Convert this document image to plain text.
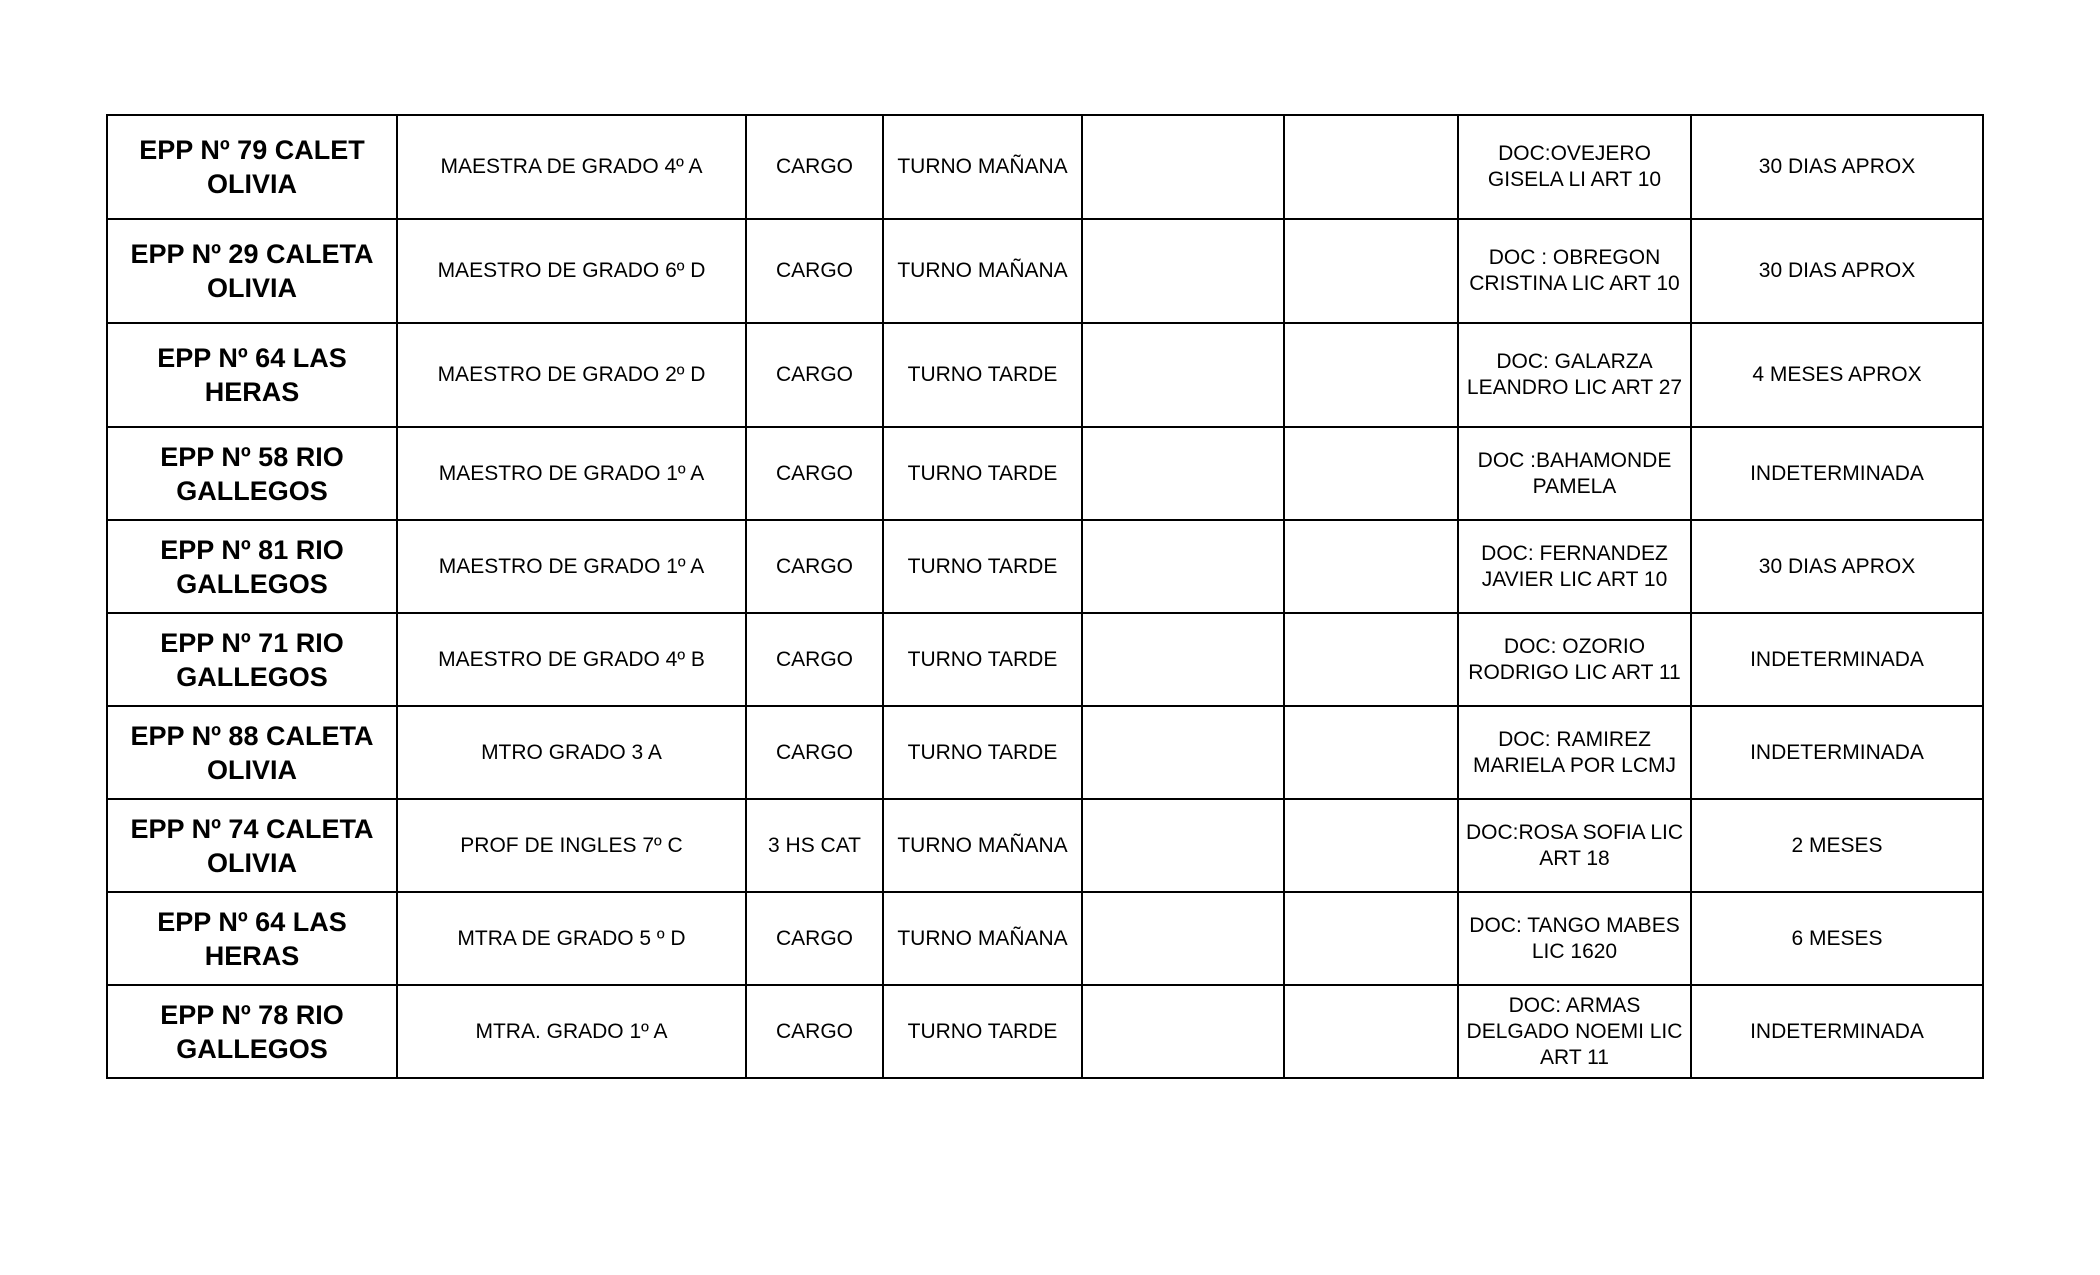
EPP Nº 79 CALET OLIVIA	MAESTRA DE GRADO 4º A	CARGO	TURNO MAÑANA			DOC:OVEJERO GISELA LI ART 10	30 DIAS APROX
EPP Nº 29 CALETA OLIVIA	MAESTRO DE GRADO 6º D	CARGO	TURNO MAÑANA			DOC : OBREGON CRISTINA LIC ART 10	30 DIAS APROX
EPP Nº 64 LAS HERAS	MAESTRO DE GRADO 2º D	CARGO	TURNO TARDE			DOC: GALARZA LEANDRO LIC ART 27	4 MESES APROX
EPP Nº 58 RIO GALLEGOS	MAESTRO DE GRADO 1º A	CARGO	TURNO TARDE			DOC :BAHAMONDE PAMELA	INDETERMINADA
EPP Nº 81 RIO GALLEGOS	MAESTRO DE GRADO 1º A	CARGO	TURNO TARDE			DOC: FERNANDEZ JAVIER LIC ART 10	30 DIAS APROX
EPP Nº 71 RIO GALLEGOS	MAESTRO DE GRADO 4º B	CARGO	TURNO TARDE			DOC: OZORIO RODRIGO LIC ART 11	INDETERMINADA
EPP Nº 88 CALETA OLIVIA	MTRO GRADO 3 A	CARGO	TURNO TARDE			DOC: RAMIREZ MARIELA POR LCMJ	INDETERMINADA
EPP Nº 74 CALETA OLIVIA	PROF DE INGLES 7º C	3 HS CAT	TURNO MAÑANA			DOC:ROSA SOFIA LIC ART 18	2 MESES
EPP Nº 64 LAS HERAS	MTRA DE GRADO 5 º D	CARGO	TURNO MAÑANA			DOC: TANGO MABES LIC 1620	6 MESES
EPP Nº 78 RIO GALLEGOS	MTRA. GRADO 1º A	CARGO	TURNO TARDE			DOC: ARMAS DELGADO NOEMI LIC ART 11	INDETERMINADA
